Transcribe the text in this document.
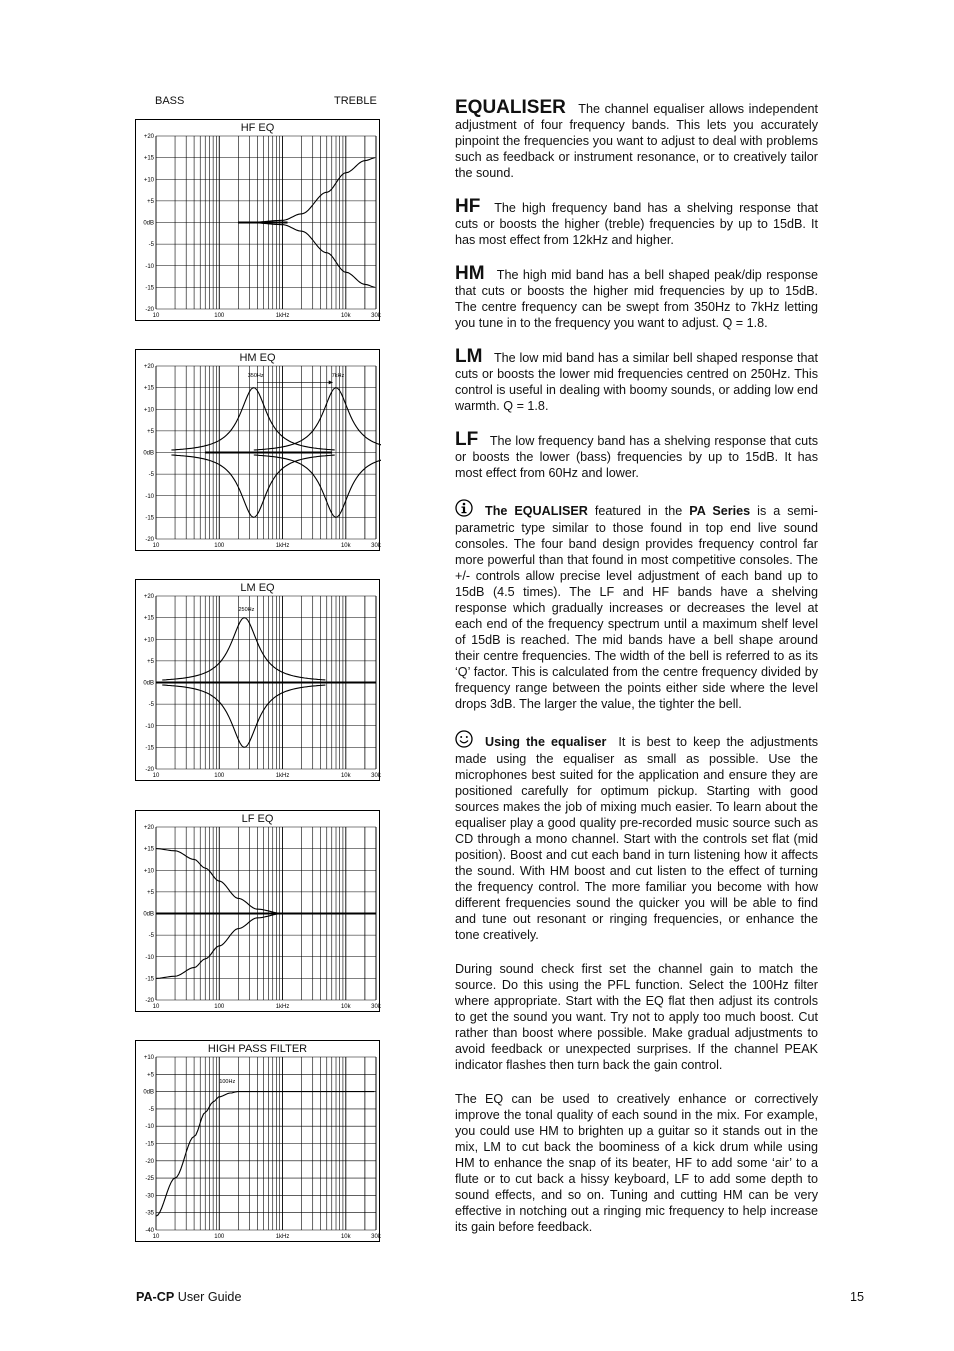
BASS	TREBLE
+20
+15
+10
+5
0dB
-5
-10
-15
-20
10	100	1kHz	10k	30k
HF EQ
+20
+15
+10
+5
0dB
-5
-10
-15
-20
10	100	1kHz	10k	30k
350Hz	7kHz
HM EQ
+20
+15
+10
+5
0dB
-5
-10
-15
-20
10	100	1kHz	10k	30k
250Hz
LM EQ
+20
+15
+10
+5
0dB
-5
-10
-15
-20
10	100	1kHz	10k	30k
LF EQ
+10
+5
0dB
-5
-10
-15
-20
-25
-30
-35
-40
10	100	1kHz	10k	30k
100Hz
HIGH PASS FILTER

EQUALISER The channel equaliser allows independent adjustment of four frequency bands. This lets you accurately pinpoint the frequencies you want to adjust to deal with problems such as feedback or instrument resonance, or to creatively tailor the sound.

HF The high frequency band has a shelving response that cuts or boosts the higher (treble) frequencies by up to 15dB. It has most effect from 12kHz and higher.

HM The high mid band has a bell shaped peak/dip response that cuts or boosts the higher mid frequencies by up to 15dB. The centre frequency can be swept from 350Hz to 7kHz letting you tune in to the frequency you want to adjust. Q = 1.8.

LM The low mid band has a similar bell shaped response that cuts or boosts the lower mid frequencies centred on 250Hz. This control is useful in dealing with boomy sounds, or adding low end warmth. Q = 1.8.

LF The low frequency band has a shelving response that cuts or boosts the lower (bass) frequencies by up to 15dB. It has most effect from 60Hz and lower.

The EQUALISER featured in the PA Series is a semi-parametric type similar to those found in top end live sound consoles. The four band design provides frequency control far more powerful than that found in most competitive consoles. The +/- controls allow precise level adjustment of each band up to 15dB (4.5 times). The LF and HF bands have a shelving response which gradually increases or decreases the level at each end of the frequency spectrum until a maximum shelf level of 15dB is reached. The mid bands have a bell shape around their centre frequencies. The width of the bell is referred to as its ‘Q’ factor. This is calculated from the centre frequency divided by frequency range between the points either side where the level drops 3dB. The larger the value, the tighter the bell.

Using the equaliser It is best to keep the adjustments made using the equaliser as small as possible. Use the microphones best suited for the application and ensure they are positioned carefully for optimum pickup. Starting with good sources makes the job of mixing much easier. To learn about the equaliser play a good quality pre-recorded music source such as CD through a mono channel. Start with the controls set flat (mid position). Boost and cut each band in turn listening how it affects the sound. With HM boost and cut listen to the effect of turning the frequency control. The more familiar you become with how different frequencies sound the quicker you will be able to find and tune out resonant or ringing frequencies, or enhance the tone creatively.

During sound check first set the channel gain to match the source. Do this using the PFL function. Select the 100Hz filter where appropriate. Start with the EQ flat then adjust its controls to get the sound you want. Try not to apply too much boost. Cut rather than boost where possible. Make gradual adjustments to avoid feedback or unexpected surprises. If the channel PEAK indicator flashes then turn back the gain control.

The EQ can be used to creatively enhance or correctively improve the tonal quality of each sound in the mix. For example, you could use HM to brighten up a guitar so it stands out in the mix, LM to cut back the boominess of a kick drum while using HM to enhance the snap of its beater, HF to add some ‘air’ to a flute or to cut back a hissy keyboard, LF to add some depth to sound effects, and so on. Tuning and cutting HM can be very effective in notching out a ringing mic frequency to help increase its gain before feedback.

PA-CP User Guide	15
